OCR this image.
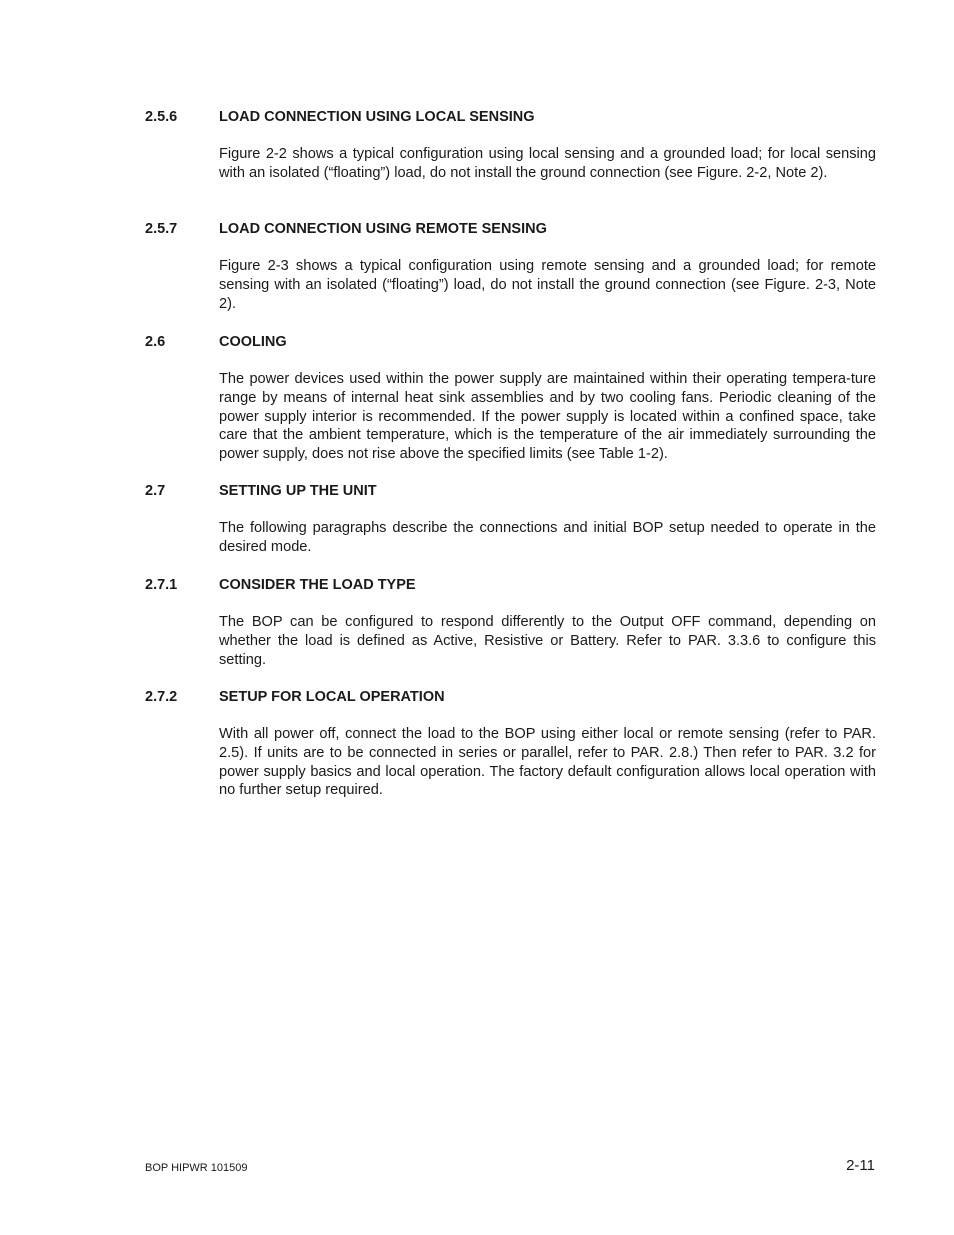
2.5.6	LOAD CONNECTION USING LOCAL SENSING
Figure 2-2 shows a typical configuration using local sensing and a grounded load; for local sensing with an isolated (“floating”) load, do not install the ground connection (see Figure. 2-2, Note 2).
2.5.7	LOAD CONNECTION USING REMOTE SENSING
Figure 2-3 shows a typical configuration using remote sensing and a grounded load; for remote sensing with an isolated (“floating”) load, do not install the ground connection (see Figure. 2-3, Note 2).
2.6	COOLING
The power devices used within the power supply are maintained within their operating tempera-ture range by means of internal heat sink assemblies and by two cooling fans. Periodic cleaning of the power supply interior is recommended. If the power supply is located within a confined space, take care that the ambient temperature, which is the temperature of the air immediately surrounding the power supply, does not rise above the specified limits (see Table 1-2).
2.7	SETTING UP THE UNIT
The following paragraphs describe the connections and initial BOP setup needed to operate in the desired mode.
2.7.1	CONSIDER THE LOAD TYPE
The BOP can be configured to respond differently to the Output OFF command, depending on whether the load is defined as Active, Resistive or Battery. Refer to PAR. 3.3.6 to configure this setting.
2.7.2	SETUP FOR LOCAL OPERATION
With all power off, connect the load to the BOP using either local or remote sensing (refer to PAR. 2.5). If units are to be connected in series or parallel, refer to PAR. 2.8.) Then refer to PAR. 3.2 for power supply basics and local operation. The factory default configuration allows local operation with no further setup required.
BOP HIPWR 101509	2-11
